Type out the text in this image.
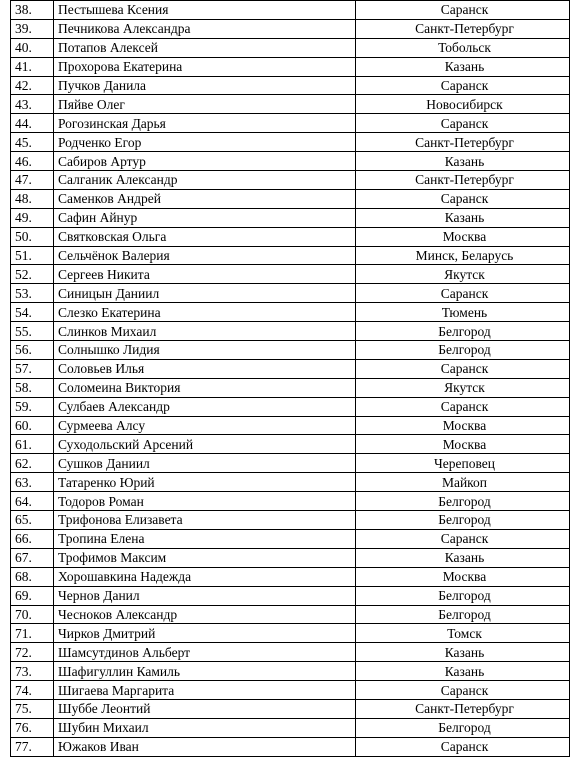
38.	Пестышева Ксения	Саранск
39.	Печникова Александра	Санкт-Петербург
40.	Потапов Алексей	Тобольск
41.	Прохорова Екатерина	Казань
42.	Пучков Данила	Саранск
43.	Пяйве Олег	Новосибирск
44.	Рогозинская Дарья	Саранск
45.	Родченко Егор	Санкт-Петербург
46.	Сабиров Артур	Казань
47.	Салганик Александр	Санкт-Петербург
48.	Саменков Андрей	Саранск
49.	Сафин Айнур	Казань
50.	Святковская Ольга	Москва
51.	Сельчёнок Валерия	Минск, Беларусь
52.	Сергеев Никита	Якутск
53.	Синицын Даниил	Саранск
54.	Слезко Екатерина	Тюмень
55.	Слинков Михаил	Белгород
56.	Солнышко Лидия	Белгород
57.	Соловьев Илья	Саранск
58.	Соломеина Виктория	Якутск
59.	Сулбаев Александр	Саранск
60.	Сурмеева Алсу	Москва
61.	Суходольский Арсений	Москва
62.	Сушков Даниил	Череповец
63.	Татаренко Юрий	Майкоп
64.	Тодоров Роман	Белгород
65.	Трифонова Елизавета	Белгород
66.	Тропина Елена	Саранск
67.	Трофимов Максим	Казань
68.	Хорошавкина Надежда	Москва
69.	Чернов Данил	Белгород
70.	Чесноков Александр	Белгород
71.	Чирков Дмитрий	Томск
72.	Шамсутдинов Альберт	Казань
73.	Шафигуллин Камиль	Казань
74.	Шигаева Маргарита	Саранск
75.	Шуббе Леонтий	Санкт-Петербург
76.	Шубин Михаил	Белгород
77.	Южаков Иван	Саранск
